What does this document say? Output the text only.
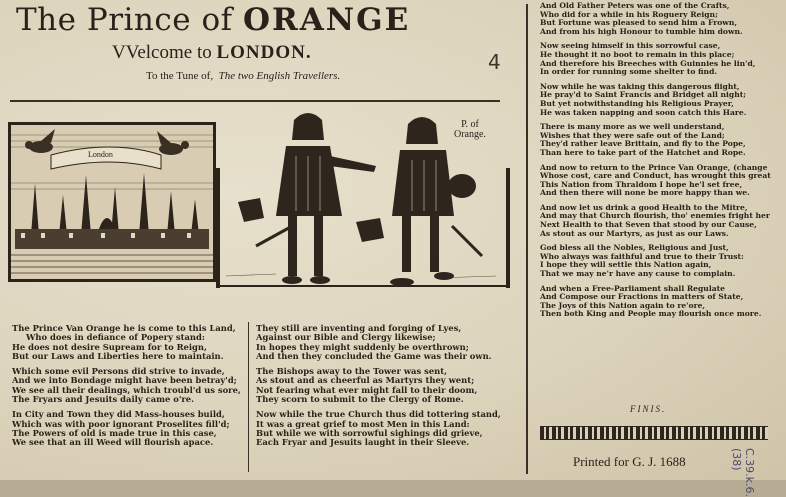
The Prince of ORANGE
VVelcome to LONDON.
To the Tune of, The two English Travellers.
4
London
P. of
Orange.

The Prince Van Orange he is come to this Land,
Who does in defiance of Popery stand:
He does not desire Supream for to Reign,
But our Laws and Liberties here to maintain.

Which some evil Persons did strive to invade,
And we into Bondage might have been betray'd;
We see all their dealings, which troubl'd us sore,
The Fryars and Jesuits daily came o're.

In City and Town they did Mass-houses build,
Which was with poor ignorant Proselites fill'd;
The Powers of old is made true in this case,
We see that an ill Weed will flourish apace.

They still are inventing and forging of Lyes,
Against our Bible and Clergy likewise;
In hopes they might suddenly be overthrown;
And then they concluded the Game was their own.

The Bishops away to the Tower was sent,
As stout and as cheerful as Martyrs they went;
Not fearing what ever might fall to their doom,
They scorn to submit to the Clergy of Rome.

Now while the true Church thus did tottering stand,
It was a great grief to most Men in this Land:
But while we with sorrowful sighings did grieve,
Each Fryar and Jesuits laught in their Sleeve.

And Old Father Peters was one of the Crafts,
Who did for a while in his Roguery Reign;
But Fortune was pleased to send him a Frown,
And from his high Honour to tumble him down.

Now seeing himself in this sorrowful case,
He thought it no boot to remain in this place;
And therefore his Breeches with Guinnies he lin'd,
In order for running some shelter to find.

Now while he was taking this dangerous flight,
He pray'd to Saint Francis and Bridget all night;
But yet notwithstanding his Religious Prayer,
He was taken napping and soon catch this Hare.

There is many more as we well understand,
Wishes that they were safe out of the Land;
They'd rather leave Brittain, and fly to the Pope,
Than here to take part of the Hatchet and Rope.

And now to return to the Prince Van Orange, (change
Whose cost, care and Conduct, has wrought this great
This Nation from Thraldom I hope he'l set free,
And then there will none be more happy than we.

And now let us drink a good Health to the Mitre,
And may that Church flourish, tho' enemies fright her
Next Health to that Seven that stood by our Cause,
As stout as our Martyrs, as just as our Laws.

God bless all the Nobles, Religious and Just,
Who always was faithful and true to their Trust:
I hope they will settle this Nation again,
That we may ne'r have any cause to complain.

And when a Free-Parliament shall Regulate
And Compose our Fractions in matters of State,
The Joys of this Nation again to re'ore,
Then both King and People may flourish once more.

FINIS.
Printed for G. J. 1688	C.39.k.6.(38)
